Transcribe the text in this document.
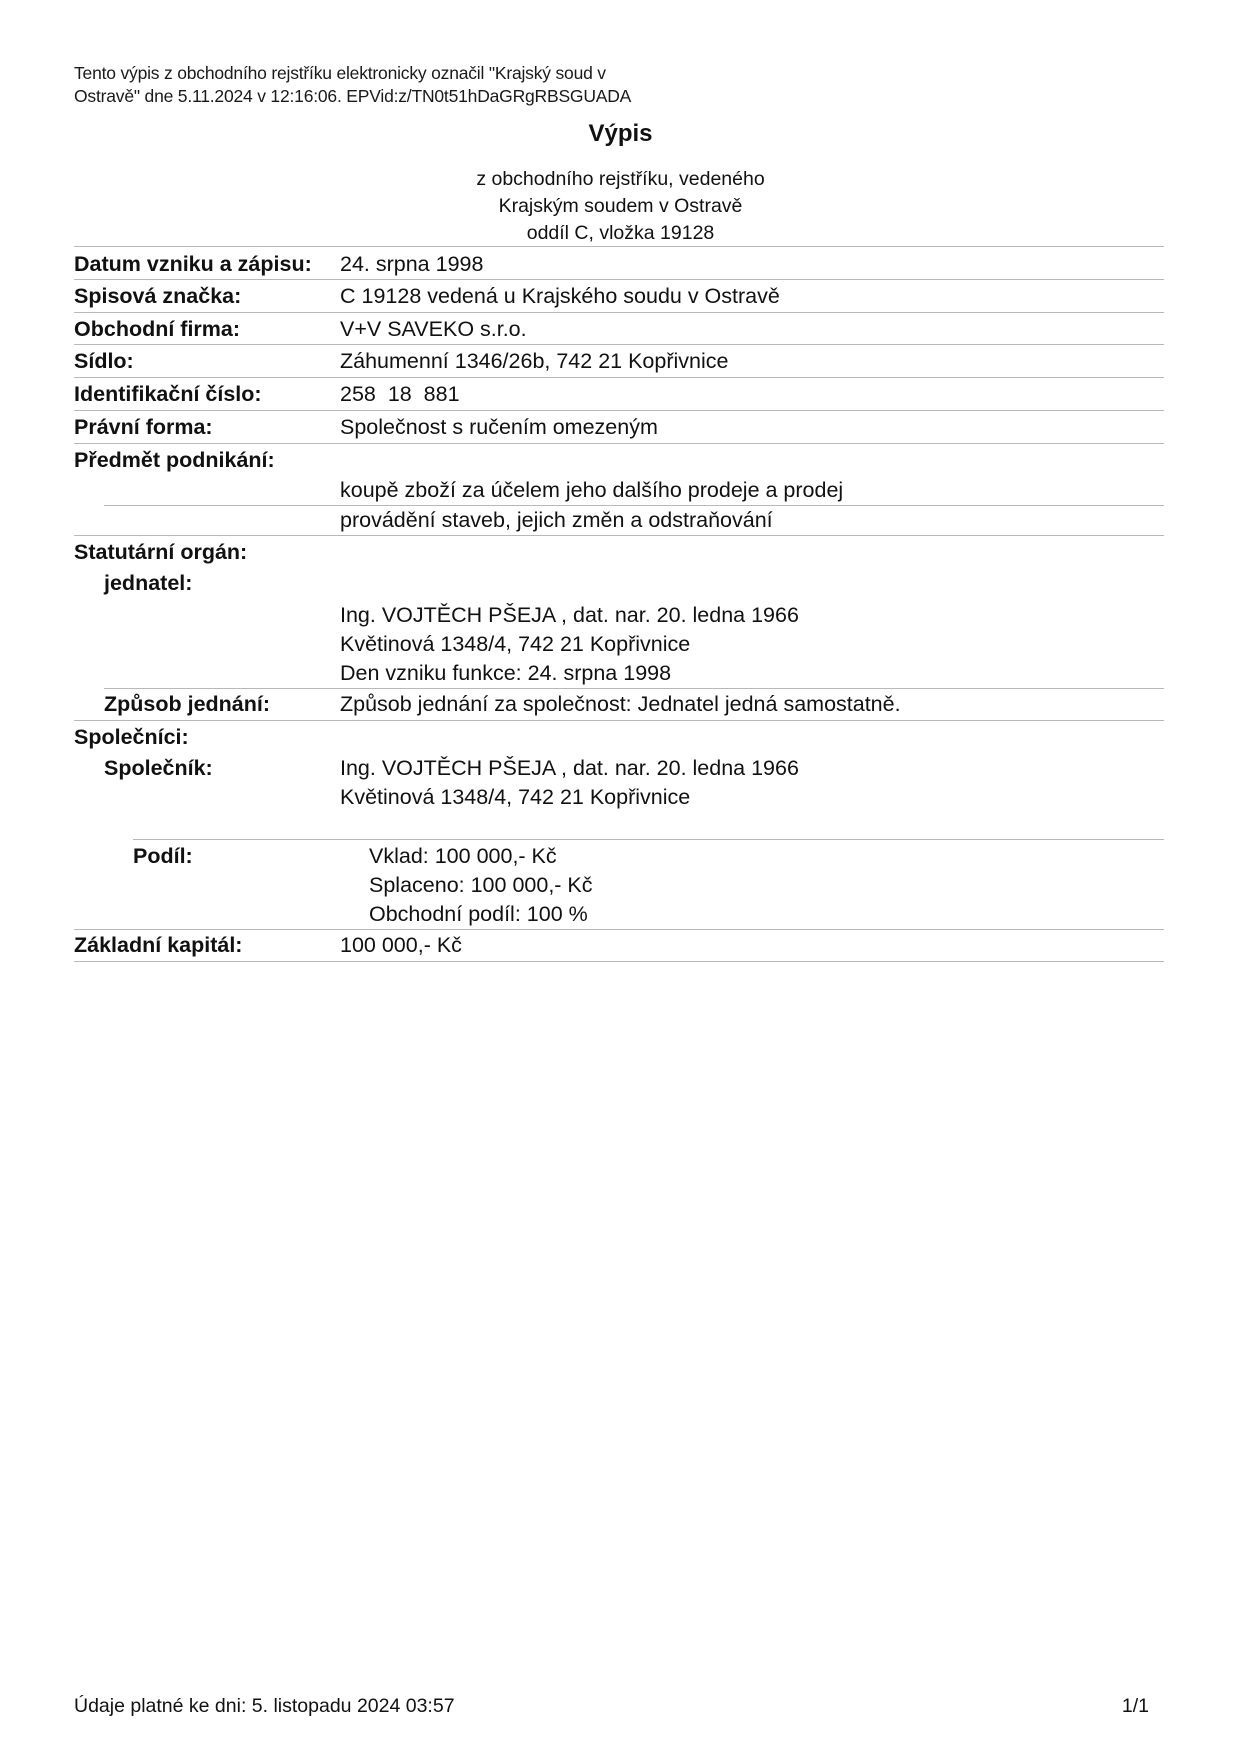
Tento výpis z obchodního rejstříku elektronicky označil "Krajský soud v
Ostravě" dne 5.11.2024 v 12:16:06. EPVid:z/TN0t51hDaGRgRBSGUADA
Výpis
z obchodního rejstříku, vedeného
Krajským soudem v Ostravě
oddíl C, vložka 19128
Datum vzniku a zápisu: 24. srpna 1998
Spisová značka:	C 19128 vedená u Krajského soudu v Ostravě
Obchodní firma:	V+V SAVEKO s.r.o.
Sídlo:	Záhumenní 1346/26b, 742 21 Kopřivnice
Identifikační číslo:	258  18  881
Právní forma:	Společnost s ručením omezeným
Předmět podnikání:
koupě zboží za účelem jeho dalšího prodeje a prodej
provádění staveb, jejich změn a odstraňování
Statutární orgán:
jednatel:
Ing. VOJTĚCH PŠEJA , dat. nar. 20. ledna 1966
Květinová 1348/4, 742 21 Kopřivnice
Den vzniku funkce: 24. srpna 1998
Způsob jednání:	Způsob jednání za společnost: Jednatel jedná samostatně.
Společníci:
Společník:	Ing. VOJTĚCH PŠEJA , dat. nar. 20. ledna 1966
Květinová 1348/4, 742 21 Kopřivnice
Podíl:	Vklad: 100 000,- Kč
Splaceno: 100 000,- Kč
Obchodní podíl: 100 %
Základní kapitál:	100 000,- Kč
Údaje platné ke dni: 5. listopadu 2024 03:57	1/1
